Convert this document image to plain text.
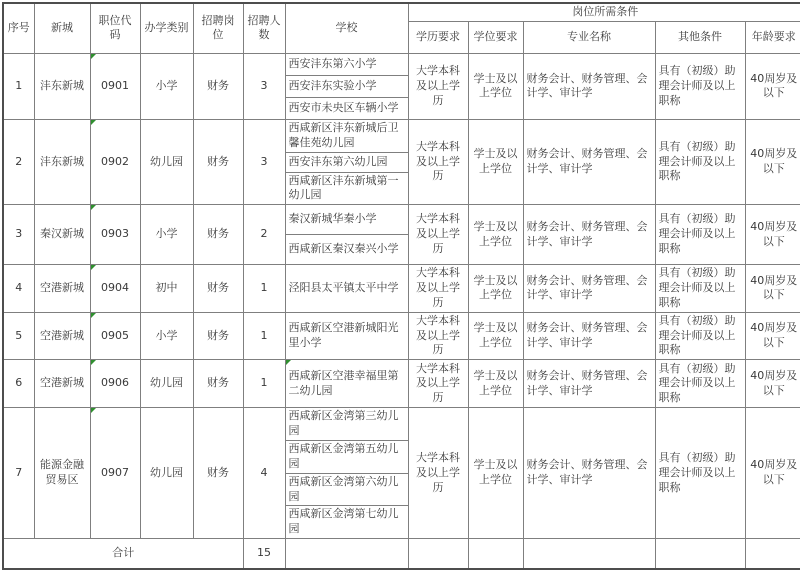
序号	新城	职位代码	办学类别	招聘岗位	招聘人数	学校	岗位所需条件				
							学历要求	学位要求	专业名称	其他条件	年龄要求
1	沣东新城	0901	小学	财务	3	西安沣东第六小学	大学本科及以上学历	学士及以上学位	财务会计、财务管理、会计学、审计学	具有（初级）助理会计师及以上职称	40周岁及以下
						西安沣东实验小学					
						西安市未央区车辆小学					
2	沣东新城	0902	幼儿园	财务	3	西咸新区沣东新城后卫馨佳苑幼儿园	大学本科及以上学历	学士及以上学位	财务会计、财务管理、会计学、审计学	具有（初级）助理会计师及以上职称	40周岁及以下
						西安沣东第六幼儿园					
						西咸新区沣东新城第一幼儿园					
3	秦汉新城	0903	小学	财务	2	秦汉新城华秦小学	大学本科及以上学历	学士及以上学位	财务会计、财务管理、会计学、审计学	具有（初级）助理会计师及以上职称	40周岁及以下
						西咸新区秦汉秦兴小学					
4	空港新城	0904	初中	财务	1	泾阳县太平镇太平中学	大学本科及以上学历	学士及以上学位	财务会计、财务管理、会计学、审计学	具有（初级）助理会计师及以上职称	40周岁及以下
5	空港新城	0905	小学	财务	1	西咸新区空港新城阳光里小学	大学本科及以上学历	学士及以上学位	财务会计、财务管理、会计学、审计学	具有（初级）助理会计师及以上职称	40周岁及以下
6	空港新城	0906	幼儿园	财务	1	西咸新区空港幸福里第二幼儿园	大学本科及以上学历	学士及以上学位	财务会计、财务管理、会计学、审计学	具有（初级）助理会计师及以上职称	40周岁及以下
7	能源金融贸易区	0907	幼儿园	财务	4	西咸新区金湾第三幼儿园	大学本科及以上学历	学士及以上学位	财务会计、财务管理、会计学、审计学	具有（初级）助理会计师及以上职称	40周岁及以下
						西咸新区金湾第五幼儿园					
						西咸新区金湾第六幼儿园					
						西咸新区金湾第七幼儿园					
合计					15						
